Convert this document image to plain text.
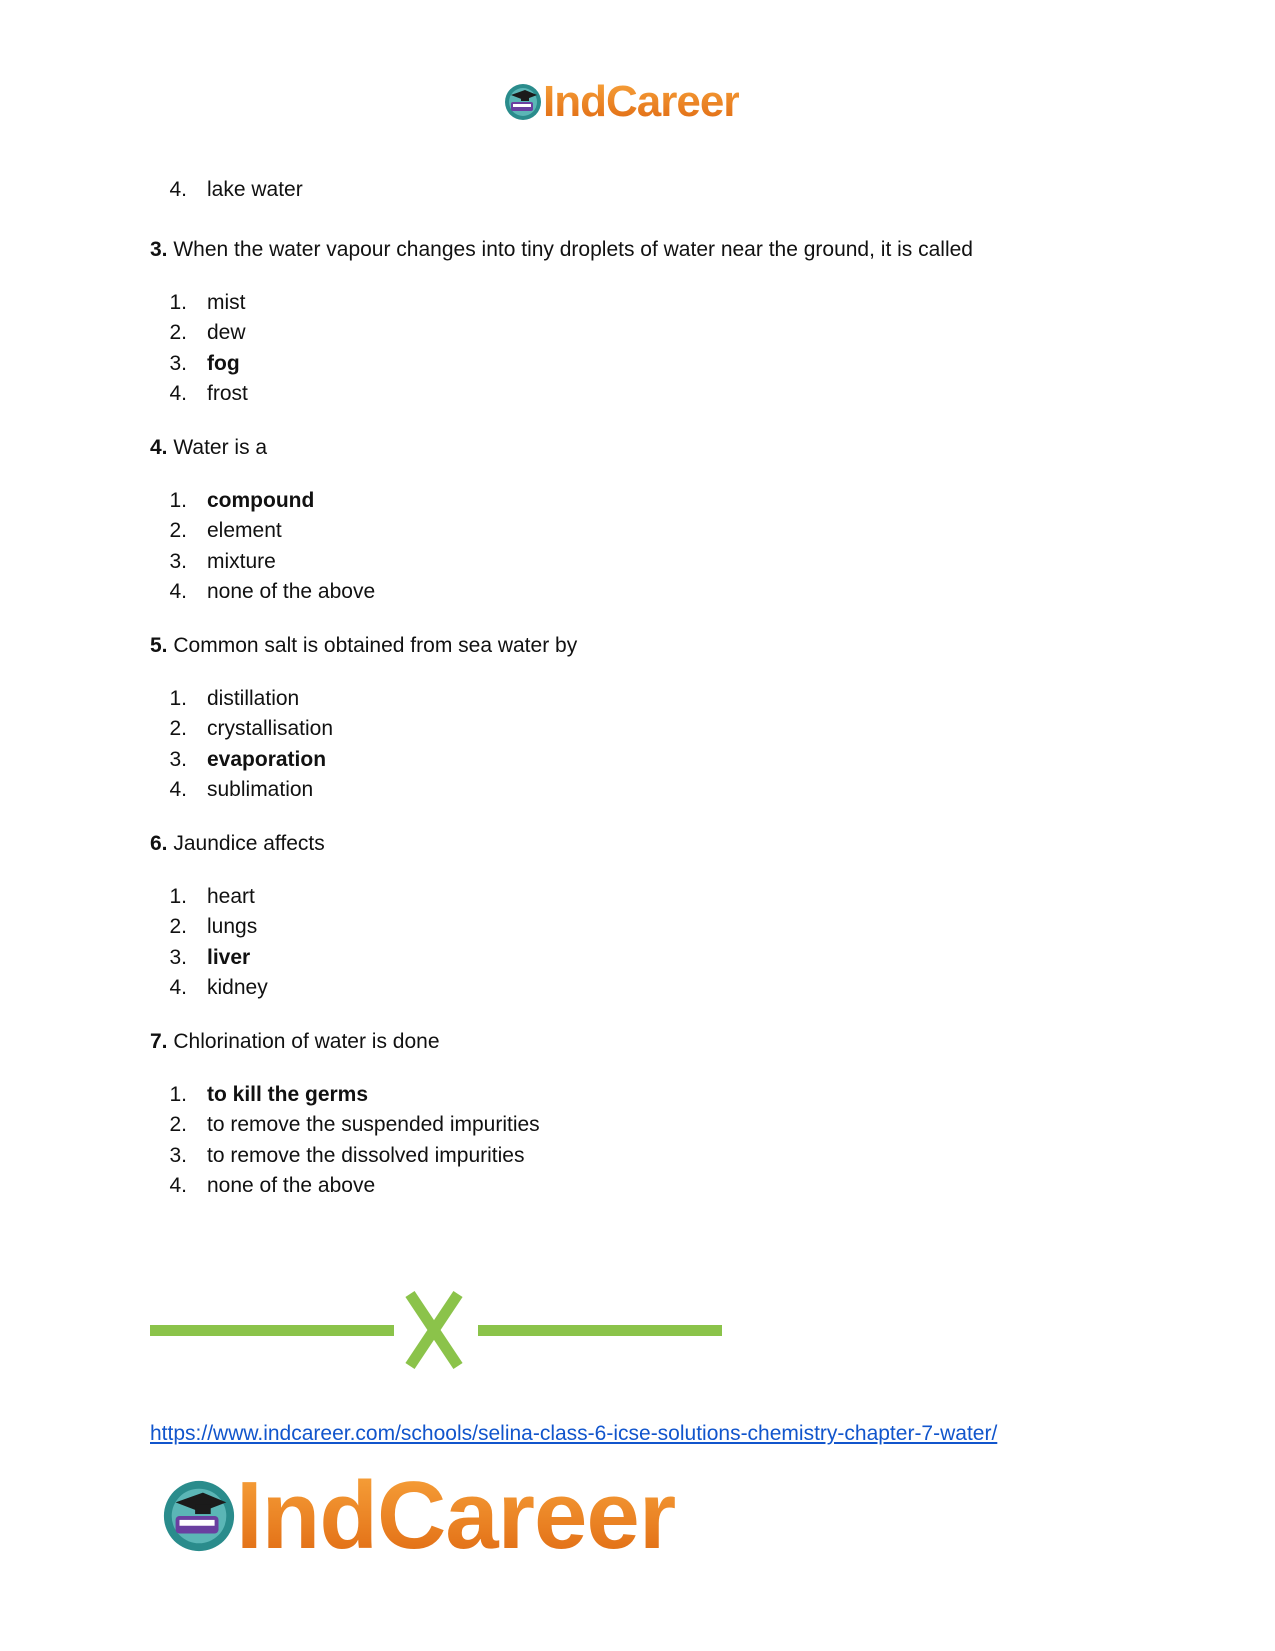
IndCareer
4. lake water

3. When the water vapour changes into tiny droplets of water near the ground, it is called

1. mist
2. dew
3. fog
4. frost

4. Water is a

1. compound
2. element
3. mixture
4. none of the above

5. Common salt is obtained from sea water by

1. distillation
2. crystallisation
3. evaporation
4. sublimation

6. Jaundice affects

1. heart
2. lungs
3. liver
4. kidney

7. Chlorination of water is done

1. to kill the germs
2. to remove the suspended impurities
3. to remove the dissolved impurities
4. none of the above
https://www.indcareer.com/schools/selina-class-6-icse-solutions-chemistry-chapter-7-water/
IndCareer
